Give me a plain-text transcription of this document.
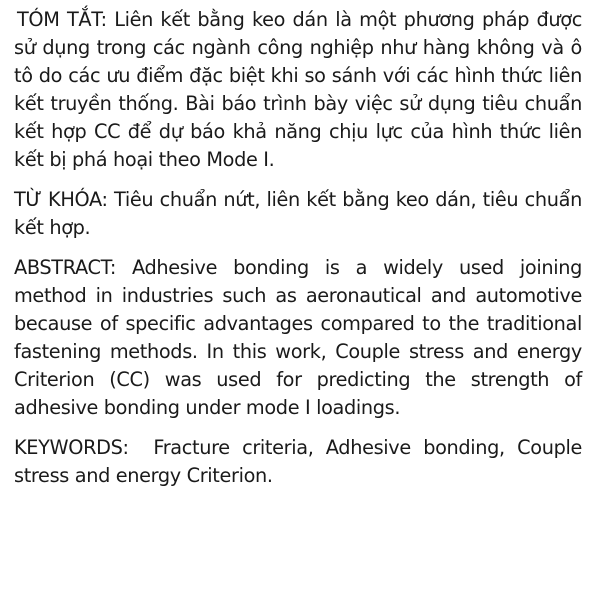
TÓM TẮT: Liên kết bằng keo dán là một phương pháp được sử dụng trong các ngành công nghiệp như hàng không và ô tô do các ưu điểm đặc biệt khi so sánh với các hình thức liên kết truyền thống. Bài báo trình bày việc sử dụng tiêu chuẩn kết hợp CC để dự báo khả năng chịu lực của hình thức liên kết bị phá hoại theo Mode I.

TỪ KHÓA: Tiêu chuẩn nứt, liên kết bằng keo dán, tiêu chuẩn kết hợp.

ABSTRACT: Adhesive bonding is a widely used joining method in industries such as aeronautical and automotive because of specific advantages compared to the traditional fastening methods. In this work, Couple stress and energy Criterion (CC) was used for predicting the strength of adhesive bonding under mode I loadings.

KEYWORDS: Fracture criteria, Adhesive bonding, Couple stress and energy Criterion.
